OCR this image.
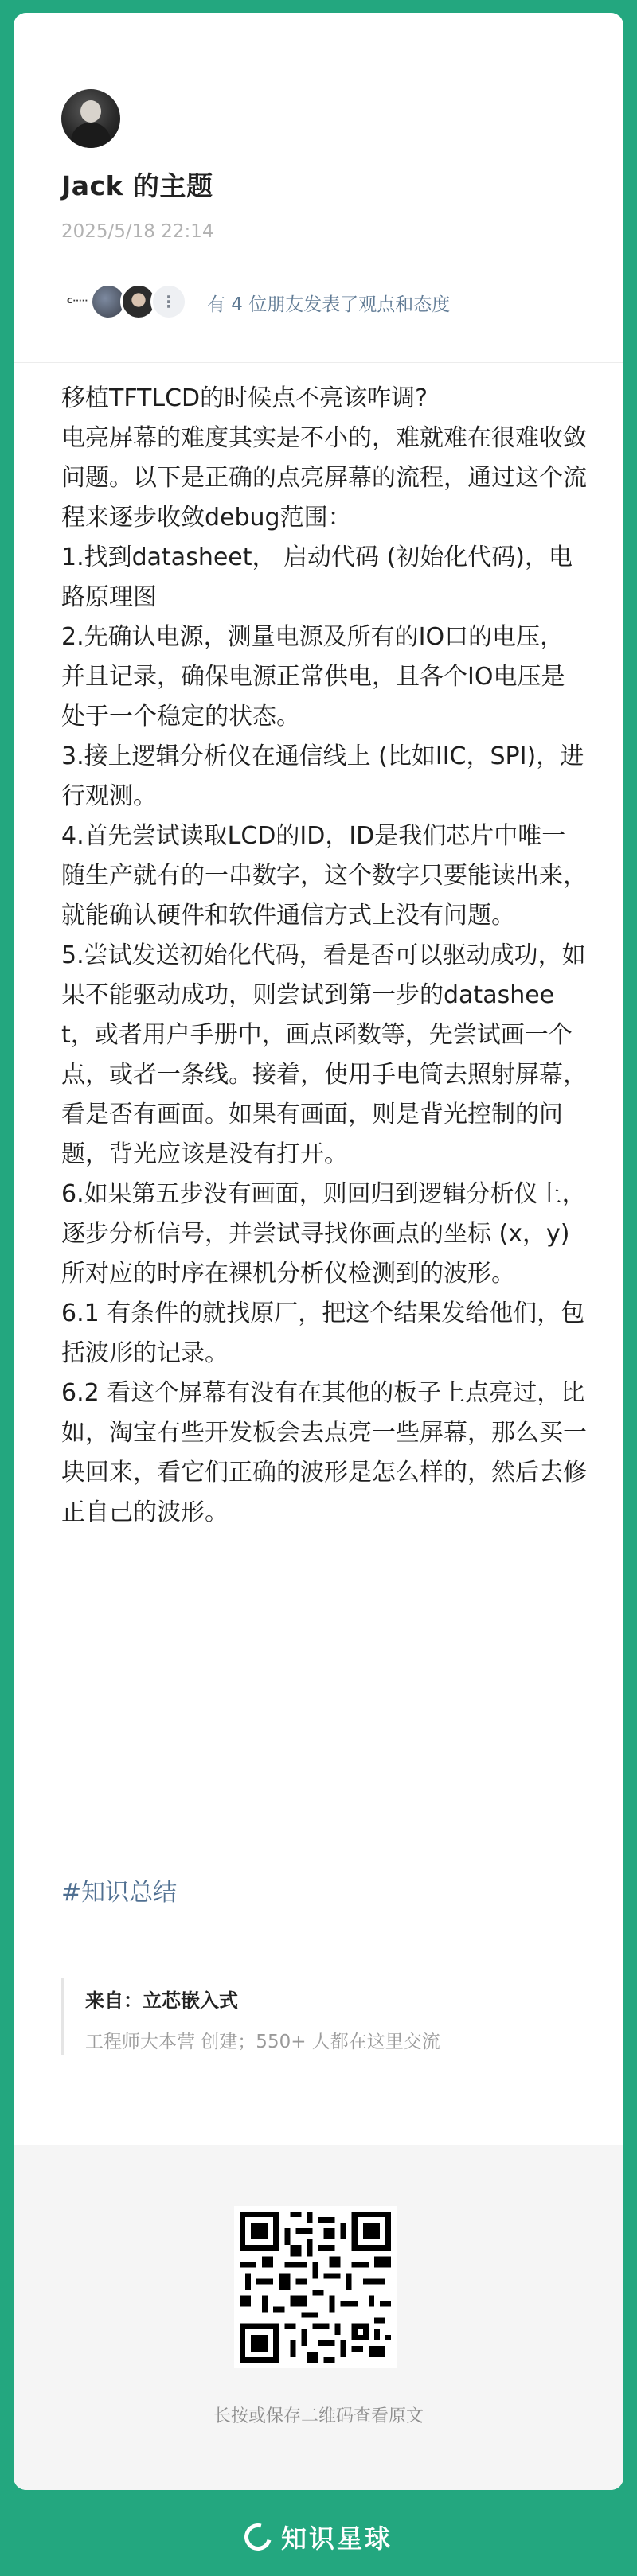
Jack 的主题
2025/5/18 22:14
C·····	⋮	有 4 位朋友发表了观点和态度

移植TFTLCD的时候点不亮该咋调?

电亮屏幕的难度其实是不小的，难就难在很难收敛问题。以下是正确的点亮屏幕的流程，通过这个流程来逐步收敛debug范围：

1.找到datasheet， 启动代码 (初始化代码)，电路原理图

2.先确认电源，测量电源及所有的IO口的电压，并且记录，确保电源正常供电，且各个IO电压是处于一个稳定的状态。

3.接上逻辑分析仪在通信线上 (比如IIC，SPI)，进行观测。

4.首先尝试读取LCD的ID，ID是我们芯片中唯一随生产就有的一串数字，这个数字只要能读出来，就能确认硬件和软件通信方式上没有问题。

5.尝试发送初始化代码，看是否可以驱动成功，如果不能驱动成功，则尝试到第一步的datasheet，或者用户手册中，画点函数等，先尝试画一个点，或者一条线。接着，使用手电筒去照射屏幕，看是否有画面。如果有画面，则是背光控制的问题，背光应该是没有打开。

6.如果第五步没有画面，则回归到逻辑分析仪上，逐步分析信号，并尝试寻找你画点的坐标 (x，y) 所对应的时序在裸机分析仪检测到的波形。

6.1 有条件的就找原厂，把这个结果发给他们，包括波形的记录。

6.2 看这个屏幕有没有在其他的板子上点亮过，比如，淘宝有些开发板会去点亮一些屏幕，那么买一块回来，看它们正确的波形是怎么样的，然后去修正自己的波形。

#知识总结
来自：立芯嵌入式
工程师大本营 创建；550+ 人都在这里交流
长按或保存二维码查看原文
知识星球
